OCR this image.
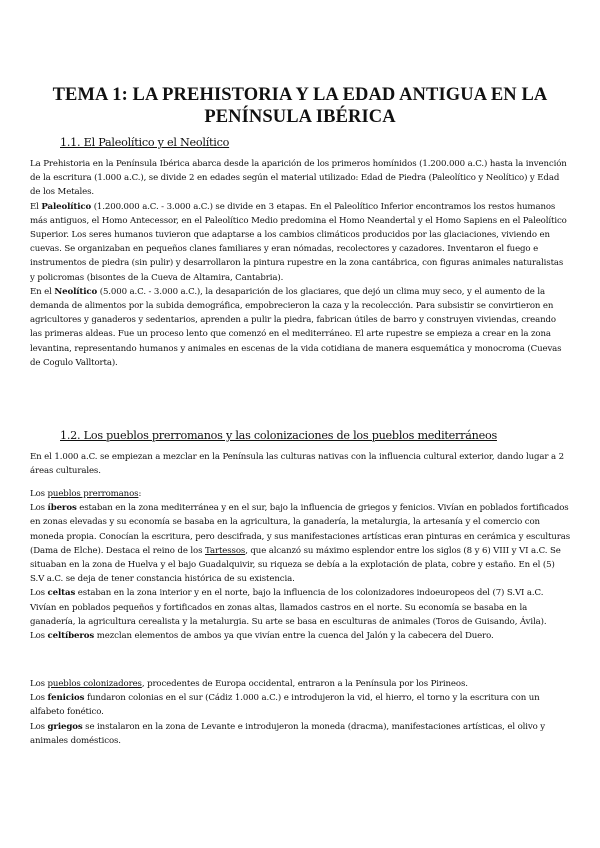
TEMA 1: LA PREHISTORIA Y LA EDAD ANTIGUA EN LA PENÍNSULA IBÉRICA
1.1. El Paleolítico y el Neolítico

La Prehistoria en la Península Ibérica abarca desde la aparición de los primeros homínidos (1.200.000 a.C.) hasta la invención de la escritura (1.000 a.C.), se divide 2 en edades según el material utilizado: Edad de Piedra (Paleolítico y Neolítico) y Edad de los Metales.

El Paleolítico (1.200.000 a.C. - 3.000 a.C.) se divide en 3 etapas. En el Paleolítico Inferior encontramos los restos humanos más antiguos, el Homo Antecessor, en el Paleolítico Medio predomina el Homo Neandertal y el Homo Sapiens en el Paleolítico Superior. Los seres humanos tuvieron que adaptarse a los cambios climáticos producidos por las glaciaciones, viviendo en cuevas. Se organizaban en pequeños clanes familiares y eran nómadas, recolectores y cazadores. Inventaron el fuego e instrumentos de piedra (sin pulir) y desarrollaron la pintura rupestre en la zona cantábrica, con figuras animales naturalistas y policromas (bisontes de la Cueva de Altamira, Cantabria).

En el Neolítico (5.000 a.C. - 3.000 a.C.), la desaparición de los glaciares, que dejó un clima muy seco, y el aumento de la demanda de alimentos por la subida demográfica, empobrecieron la caza y la recolección. Para subsistir se convirtieron en agricultores y ganaderos y sedentarios, aprenden a pulir la piedra, fabrican útiles de barro y construyen viviendas, creando las primeras aldeas. Fue un proceso lento que comenzó en el mediterráneo. El arte rupestre se empieza a crear en la zona levantina, representando humanos y animales en escenas de la vida cotidiana de manera esquemática y monocroma (Cuevas de Cogulo Valltorta).

1.2. Los pueblos prerromanos y las colonizaciones de los pueblos mediterráneos

En el 1.000 a.C. se empiezan a mezclar en la Península las culturas nativas con la influencia cultural exterior, dando lugar a 2 áreas culturales.

Los pueblos prerromanos:

Los íberos estaban en la zona mediterránea y en el sur, bajo la influencia de griegos y fenicios. Vivían en poblados fortificados en zonas elevadas y su economía se basaba en la agricultura, la ganadería, la metalurgia, la artesanía y el comercio con moneda propia. Conocían la escritura, pero descifrada, y sus manifestaciones artísticas eran pinturas en cerámica y esculturas (Dama de Elche). Destaca el reino de los Tartessos, que alcanzó su máximo esplendor entre los siglos (8 y 6) VIII y VI a.C. Se situaban en la zona de Huelva y el bajo Guadalquivir, su riqueza se debía a la explotación de plata, cobre y estaño. En el (5) S.V a.C. se deja de tener constancia histórica de su existencia.

Los celtas estaban en la zona interior y en el norte, bajo la influencia de los colonizadores indoeuropeos del (7) S.VI a.C. Vivían en poblados pequeños y fortificados en zonas altas, llamados castros en el norte. Su economía se basaba en la ganadería, la agricultura cerealista y la metalurgia. Su arte se basa en esculturas de animales (Toros de Guisando, Ávila).

Los celtíberos mezclan elementos de ambos ya que vivían entre la cuenca del Jalón y la cabecera del Duero.

Los pueblos colonizadores, procedentes de Europa occidental, entraron a la Península por los Pirineos.

Los fenicios fundaron colonias en el sur (Cádiz 1.000 a.C.) e introdujeron la vid, el hierro, el torno y la escritura con un alfabeto fonético.

Los griegos se instalaron en la zona de Levante e introdujeron la moneda (dracma), manifestaciones artísticas, el olivo y animales domésticos.
